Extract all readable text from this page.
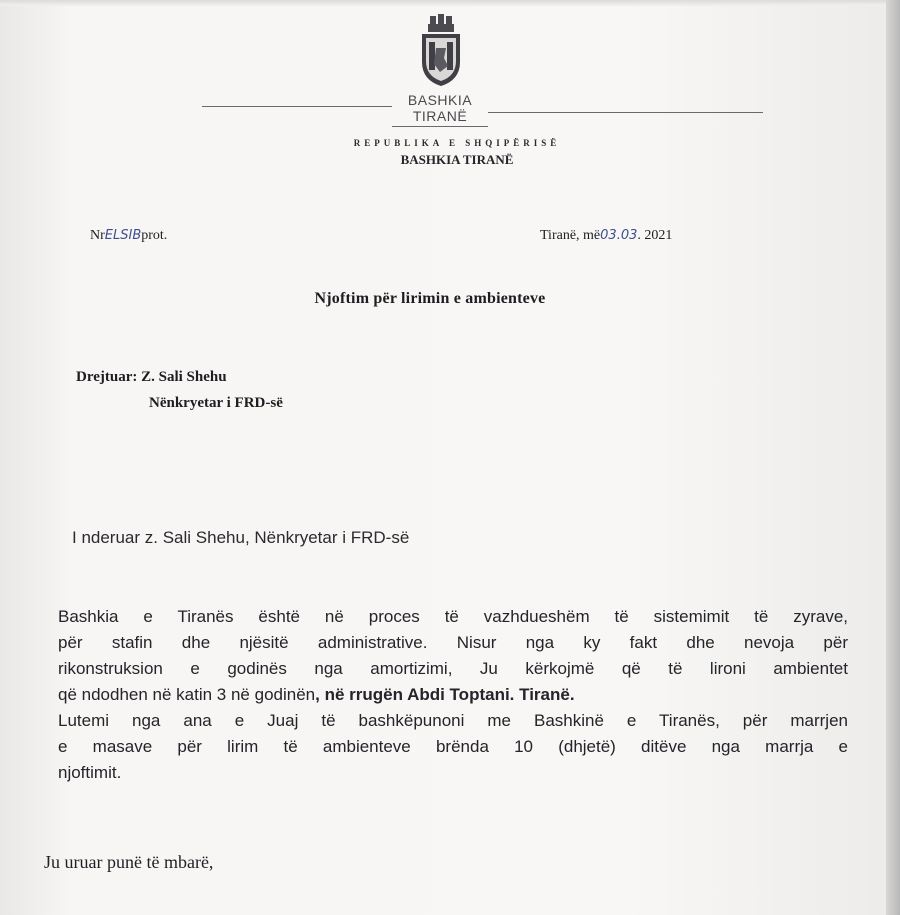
BASHKIA
TIRANË
REPUBLIKA E SHQIPËRISË
BASHKIA TIRANË
NrELSIBprot.	Tiranë, më03.03. 2021
Njoftim për lirimin e ambienteve
Drejtuar: Z. Sali Shehu
Nënkryetar i FRD-së
I nderuar z. Sali Shehu, Nënkryetar i FRD-së
Bashkia e Tiranës është në proces të vazhdueshëm të sistemimit të zyrave,
për stafin dhe njësitë administrative. Nisur nga ky fakt dhe nevoja për
rikonstruksion e godinës nga amortizimi, Ju kërkojmë që të lironi ambientet
që ndodhen në katin 3 në godinën, në rrugën Abdi Toptani. Tiranë.
Lutemi nga ana e Juaj të bashkëpunoni me Bashkinë e Tiranës, për marrjen
e masave për lirim të ambienteve brënda 10 (dhjetë) ditëve nga marrja e
njoftimit.
Ju uruar punë të mbarë,
